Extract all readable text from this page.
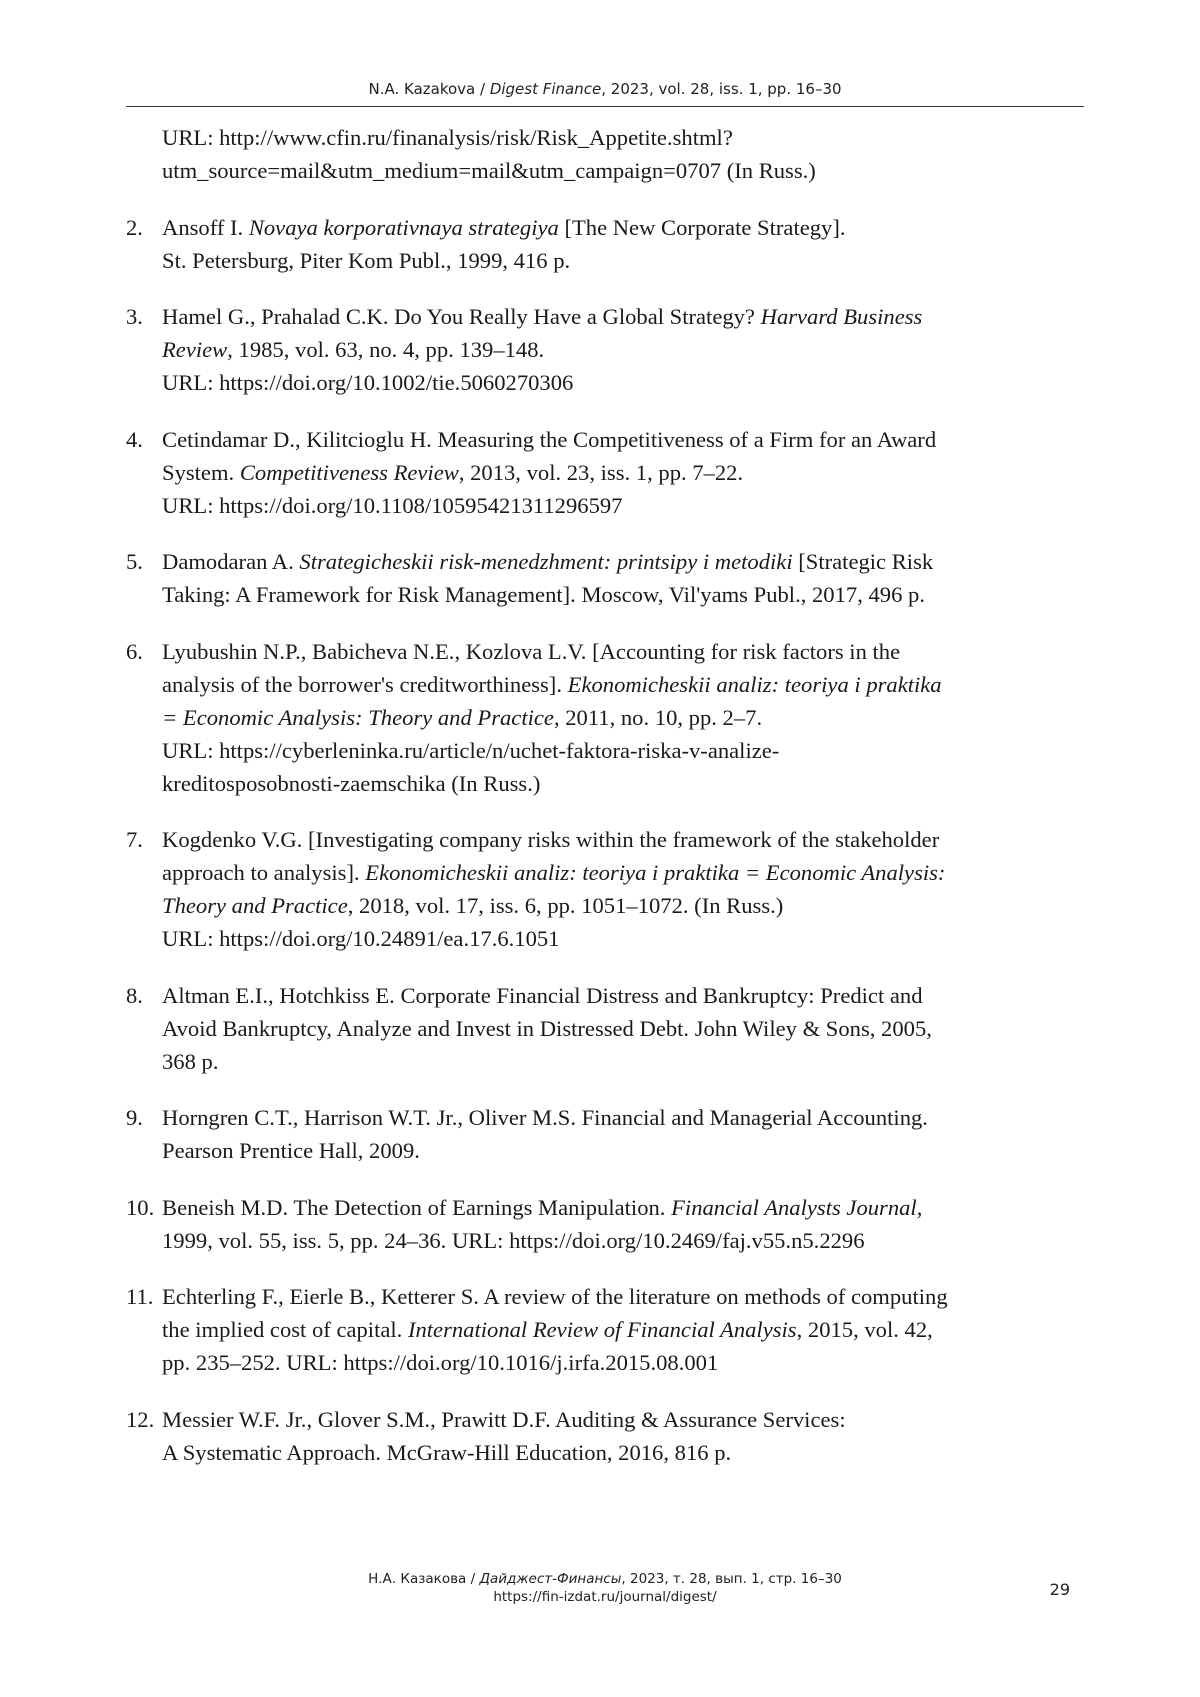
N.A. Kazakova / Digest Finance, 2023, vol. 28, iss. 1, pp. 16–30
URL: http://www.cfin.ru/finanalysis/risk/Risk_Appetite.shtml?
utm_source=mail&utm_medium=mail&utm_campaign=0707 (In Russ.)
2. Ansoff I. Novaya korporativnaya strategiya [The New Corporate Strategy].
St. Petersburg, Piter Kom Publ., 1999, 416 p.
3. Hamel G., Prahalad C.K. Do You Really Have a Global Strategy? Harvard Business
Review, 1985, vol. 63, no. 4, pp. 139–148.
URL: https://doi.org/10.1002/tie.5060270306
4. Cetindamar D., Kilitcioglu H. Measuring the Competitiveness of a Firm for an Award
System. Competitiveness Review, 2013, vol. 23, iss. 1, pp. 7–22.
URL: https://doi.org/10.1108/10595421311296597
5. Damodaran A. Strategicheskii risk-menedzhment: printsipy i metodiki [Strategic Risk
Taking: A Framework for Risk Management]. Moscow, Vil'yams Publ., 2017, 496 p.
6. Lyubushin N.P., Babicheva N.E., Kozlova L.V. [Accounting for risk factors in the
analysis of the borrower's creditworthiness]. Ekonomicheskii analiz: teoriya i praktika
= Economic Analysis: Theory and Practice, 2011, no. 10, pp. 2–7.
URL: https://cyberleninka.ru/article/n/uchet-faktora-riska-v-analize-
kreditosposobnosti-zaemschika (In Russ.)
7. Kogdenko V.G. [Investigating company risks within the framework of the stakeholder
approach to analysis]. Ekonomicheskii analiz: teoriya i praktika = Economic Analysis:
Theory and Practice, 2018, vol. 17, iss. 6, pp. 1051–1072. (In Russ.)
URL: https://doi.org/10.24891/ea.17.6.1051
8. Altman E.I., Hotchkiss E. Corporate Financial Distress and Bankruptcy: Predict and
Avoid Bankruptcy, Analyze and Invest in Distressed Debt. John Wiley & Sons, 2005,
368 p.
9. Horngren C.T., Harrison W.T. Jr., Oliver M.S. Financial and Managerial Accounting.
Pearson Prentice Hall, 2009.
10. Beneish M.D. The Detection of Earnings Manipulation. Financial Analysts Journal,
1999, vol. 55, iss. 5, pp. 24–36. URL: https://doi.org/10.2469/faj.v55.n5.2296
11. Echterling F., Eierle B., Ketterer S. A review of the literature on methods of computing
the implied cost of capital. International Review of Financial Analysis, 2015, vol. 42,
pp. 235–252. URL: https://doi.org/10.1016/j.irfa.2015.08.001
12. Messier W.F. Jr., Glover S.M., Prawitt D.F. Auditing & Assurance Services:
A Systematic Approach. McGraw-Hill Education, 2016, 816 p.
Н.А. Казакова / Дайджест-Финансы, 2023, т. 28, вып. 1, стр. 16–30
https://fin-izdat.ru/journal/digest/	29
